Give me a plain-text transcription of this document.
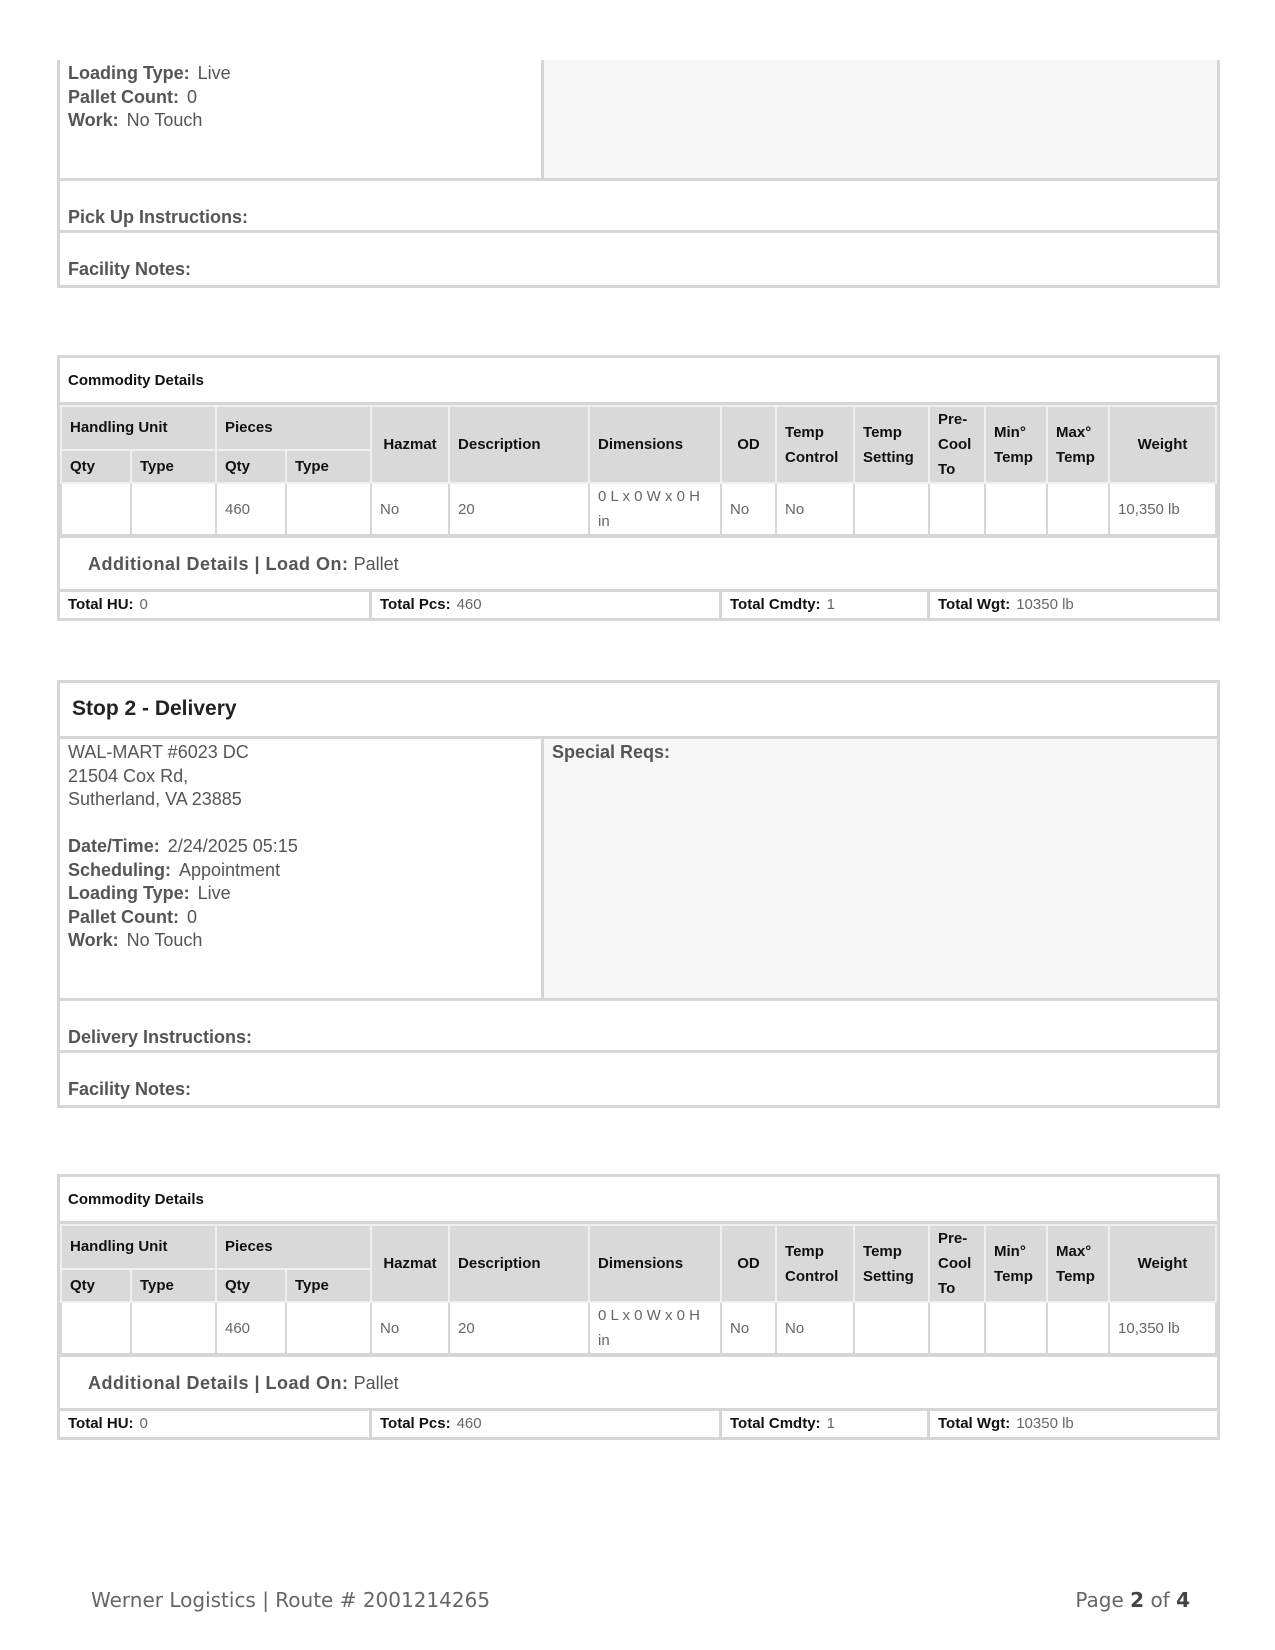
Loading Type: Live
Pallet Count: 0
Work: No Touch
Pick Up Instructions:
Facility Notes:
Commodity Details
Handling Unit		Pieces		Hazmat	Description	Dimensions	OD	Temp Control	Temp Setting	Pre-Cool To	Min° Temp	Max° Temp	Weight
Qty	Type	Qty	Type										
		460		No	20	0 L x 0 W x 0 H in	No	No					10,350 lb
Additional Details | Load On: Pallet
Total HU: 0	Total Pcs: 460	Total Cmdty: 1	Total Wgt: 10350 lb
Stop 2 - Delivery
WAL-MART #6023 DC
21504 Cox Rd,
Sutherland, VA 23885
Date/Time: 2/24/2025 05:15
Scheduling: Appointment
Loading Type: Live
Pallet Count: 0
Work: No Touch
Special Reqs:
Delivery Instructions:
Facility Notes:
Commodity Details
Handling Unit		Pieces		Hazmat	Description	Dimensions	OD	Temp Control	Temp Setting	Pre-Cool To	Min° Temp	Max° Temp	Weight
Qty	Type	Qty	Type										
		460		No	20	0 L x 0 W x 0 H in	No	No					10,350 lb
Additional Details | Load On: Pallet
Total HU: 0	Total Pcs: 460	Total Cmdty: 1	Total Wgt: 10350 lb
Werner Logistics | Route # 2001214265	Page 2 of 4
